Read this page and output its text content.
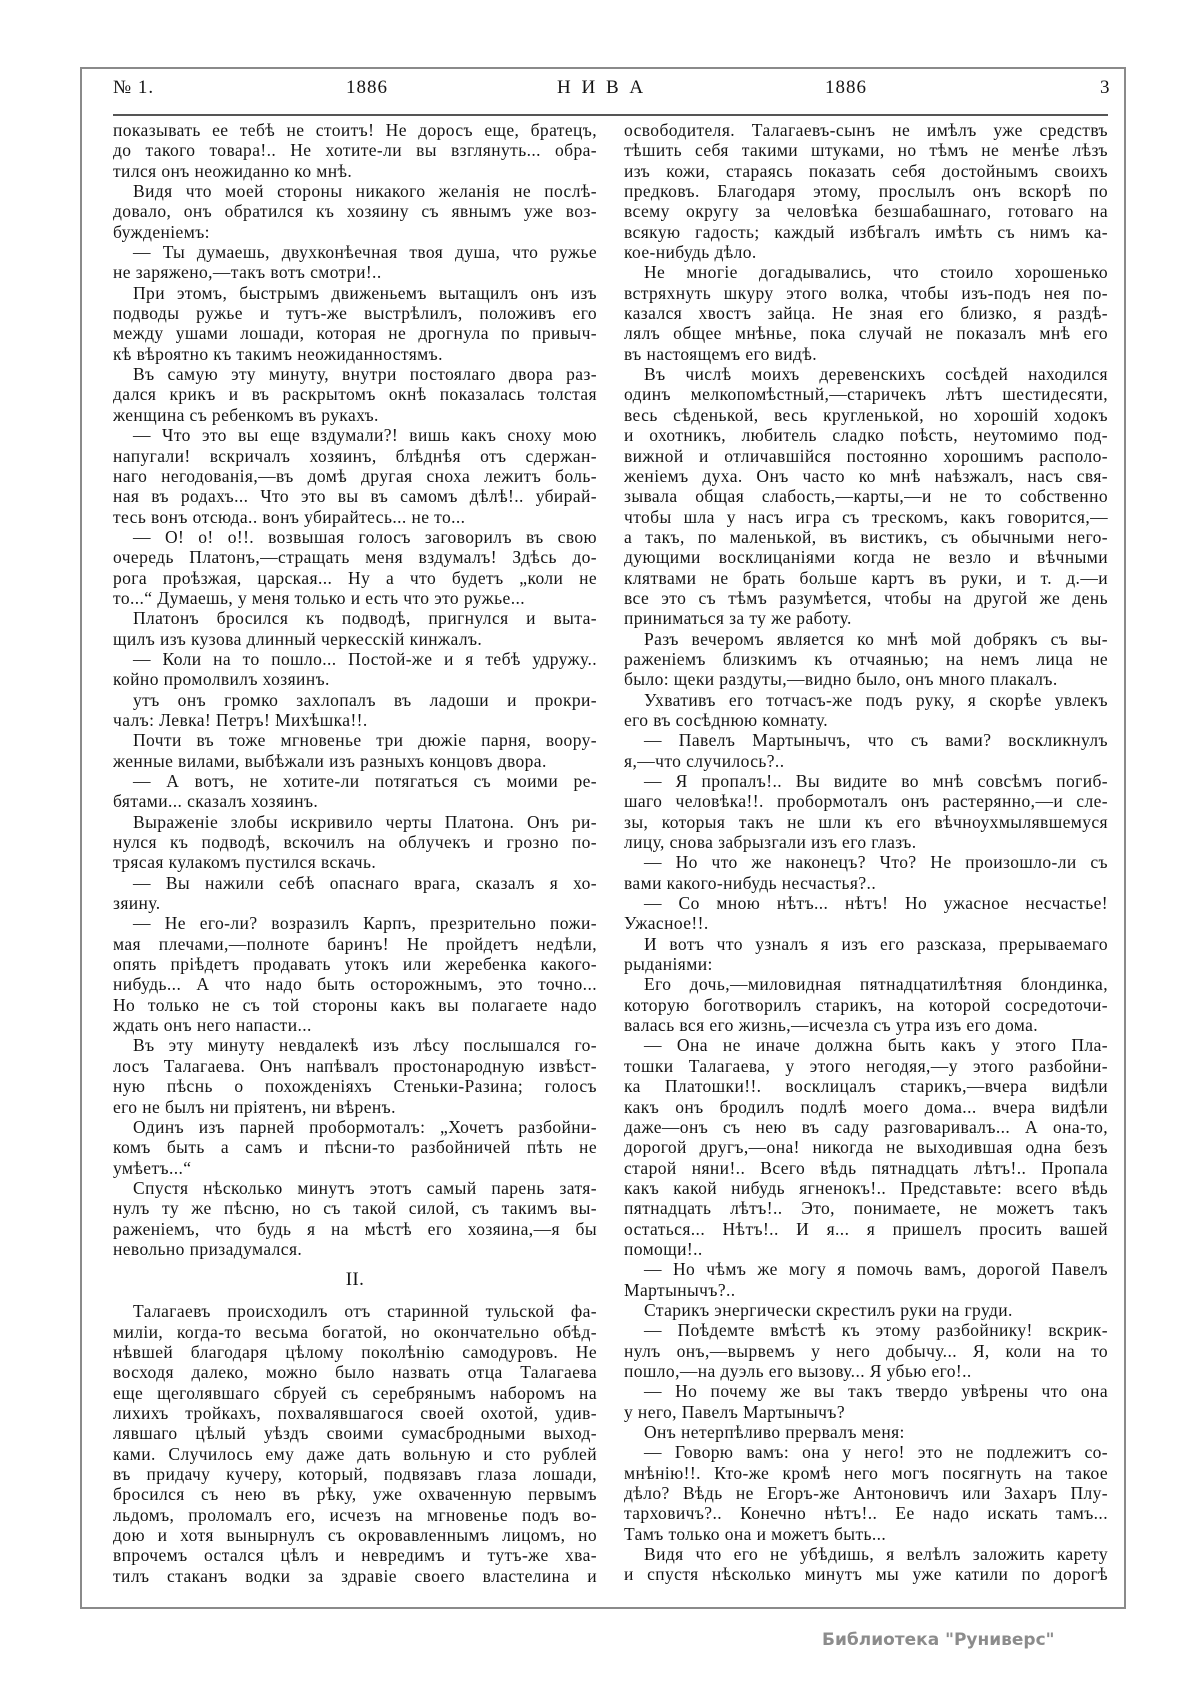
№ 1.	1886	Н И В А	1886	3
показывать ее тебѣ не стоитъ! Не доросъ еще, братецъ,
до такого товара!.. Не хотите-ли вы взглянуть... обра-
тился онъ неожиданно ко мнѣ.
Видя что моей стороны никакого желанія не послѣ-
довало, онъ обратился къ хозяину съ явнымъ уже воз-
бужденіемъ:
— Ты думаешь, двухконѣечная твоя душа, что ружье
не заряжено,—такъ вотъ смотри!..
При этомъ, быстрымъ движеньемъ вытащилъ онъ изъ
подводы ружье и тутъ-же выстрѣлилъ, положивъ его
между ушами лошади, которая не дрогнула по привыч-
кѣ вѣроятно къ такимъ неожиданностямъ.
Въ самую эту минуту, внутри постоялаго двора раз-
дался крикъ и въ раскрытомъ окнѣ показалась толстая
женщина съ ребенкомъ въ рукахъ.
— Что это вы еще вздумали?! вишь какъ сноху мою
напугали! вскричалъ хозяинъ, блѣднѣя отъ сдержан-
наго негодованія,—въ домѣ другая сноха лежитъ боль-
ная въ родахъ... Что это вы въ самомъ дѣлѣ!.. убирай-
тесь вонъ отсюда.. вонъ убирайтесь... не то...
— О! о! о!!. возвышая голосъ заговорилъ въ свою
очередь Платонъ,—стращать меня вздумалъ! Здѣсь до-
рога проѣзжая, царская... Ну а что будетъ „коли не
то...“ Думаешь, у меня только и есть что это ружье...
Платонъ бросился къ подводѣ, пригнулся и выта-
щилъ изъ кузова длинный черкесскій кинжалъ.
— Коли на то пошло... Постой-же и я тебѣ удружу..
койно промолвилъ хозяинъ.
утъ онъ громко захлопалъ въ ладоши и прокри-
чалъ: Левка! Петръ! Михѣшка!!.
Почти въ тоже мгновенье три дюжіе парня, воору-
женные вилами, выбѣжали изъ разныхъ концовъ двора.
— А вотъ, не хотите-ли потягаться съ моими ре-
бятами... сказалъ хозяинъ.
Выраженіе злобы искривило черты Платона. Онъ ри-
нулся къ подводѣ, вскочилъ на облучекъ и грозно по-
трясая кулакомъ пустился вскачь.
— Вы нажили себѣ опаснаго врага, сказалъ я хо-
зяину.
— Не его-ли? возразилъ Карпъ, презрительно пожи-
мая плечами,—полноте баринъ! Не пройдетъ недѣли,
опять пріѣдетъ продавать утокъ или жеребенка какого-
нибудь... А что надо быть осторожнымъ, это точно...
Но только не съ той стороны какъ вы полагаете надо
ждать онъ него напасти...
Въ эту минуту невдалекѣ изъ лѣсу послышался го-
лосъ Талагаева. Онъ напѣвалъ простонародную извѣст-
ную пѣснь о похожденіяхъ Стеньки-Разина; голосъ
его не былъ ни пріятенъ, ни вѣренъ.
Одинъ изъ парней пробормоталъ: „Хочетъ разбойни-
комъ быть а самъ и пѣсни-то разбойничей пѣть не
умѣетъ...“
Спустя нѣсколько минутъ этотъ самый парень затя-
нулъ ту же пѣсню, но съ такой силой, съ такимъ вы-
раженіемъ, что будь я на мѣстѣ его хозяина,—я бы
невольно призадумался.
II.
Талагаевъ происходилъ отъ старинной тульской фа-
миліи, когда-то весьма богатой, но окончательно обѣд-
нѣвшей благодаря цѣлому поколѣнію самодуровъ. Не
восходя далеко, можно было назвать отца Талагаева
еще щеголявшаго сбруей съ серебрянымъ наборомъ на
лихихъ тройкахъ, похвалявшагося своей охотой, удив-
лявшаго цѣлый уѣздъ своими сумасбродными выход-
ками. Случилось ему даже дать вольную и сто рублей
въ придачу кучеру, который, подвязавъ глаза лошади,
бросился съ нею въ рѣку, уже охваченную первымъ
льдомъ, проломалъ его, исчезъ на мгновенье подъ во-
дою и хотя вынырнулъ съ окровавленнымъ лицомъ, но
впрочемъ остался цѣлъ и невредимъ и тутъ-же хва-
тилъ стаканъ водки за здравіе своего властелина и
освободителя. Талагаевъ-сынъ не имѣлъ уже средствъ
тѣшить себя такими штуками, но тѣмъ не менѣе лѣзъ
изъ кожи, стараясь показать себя достойнымъ своихъ
предковъ. Благодаря этому, прослылъ онъ вскорѣ по
всему округу за человѣка безшабашнаго, готоваго на
всякую гадость; каждый избѣгалъ имѣть съ нимъ ка-
кое-нибудь дѣло.
Не многіе догадывались, что стоило хорошенько
встряхнуть шкуру этого волка, чтобы изъ-подъ нея по-
казался хвостъ зайца. Не зная его близко, я раздѣ-
лялъ общее мнѣнье, пока случай не показалъ мнѣ его
въ настоящемъ его видѣ.
Въ числѣ моихъ деревенскихъ сосѣдей находился
одинъ мелкопомѣстный,—старичекъ лѣтъ шестидесяти,
весь сѣденькой, весь кругленькой, но хорошій ходокъ
и охотникъ, любитель сладко поѣсть, неутомимо под-
вижной и отличавшійся постоянно хорошимъ располо-
женіемъ духа. Онъ часто ко мнѣ наѣзжалъ, насъ свя-
зывала общая слабость,—карты,—и не то собственно
чтобы шла у насъ игра съ трескомъ, какъ говорится,—
а такъ, по маленькой, въ вистикъ, съ обычными него-
дующими восклицаніями когда не везло и вѣчными
клятвами не брать больше картъ въ руки, и т. д.—и
все это съ тѣмъ разумѣется, чтобы на другой же день
приниматься за ту же работу.
Разъ вечеромъ является ко мнѣ мой добрякъ съ вы-
раженіемъ близкимъ къ отчаянью; на немъ лица не
было: щеки раздуты,—видно было, онъ много плакалъ.
Ухвативъ его тотчасъ-же подъ руку, я скорѣе увлекъ
его въ сосѣднюю комнату.
— Павелъ Мартынычъ, что съ вами? воскликнулъ
я,—что случилось?..
— Я пропалъ!.. Вы видите во мнѣ совсѣмъ погиб-
шаго человѣка!!. пробормоталъ онъ растерянно,—и сле-
зы, которыя такъ не шли къ его вѣчноухмылявшемуся
лицу, снова забрызгали изъ его глазъ.
— Но что же наконецъ? Что? Не произошло-ли съ
вами какого-нибудь несчастья?..
— Со мною нѣтъ... нѣтъ! Но ужасное несчастье!
Ужасное!!.
И вотъ что узналъ я изъ его разсказа, прерываемаго
рыданіями:
Его дочь,—миловидная пятнадцатилѣтняя блондинка,
которую боготворилъ старикъ, на которой сосредоточи-
валась вся его жизнь,—исчезла съ утра изъ его дома.
— Она не иначе должна быть какъ у этого Пла-
тошки Талагаева, у этого негодяя,—у этого разбойни-
ка Платошки!!. восклицалъ старикъ,—вчера видѣли
какъ онъ бродилъ подлѣ моего дома... вчера видѣли
даже—онъ съ нею въ саду разговаривалъ... А она-то,
дорогой другъ,—она! никогда не выходившая одна безъ
старой няни!.. Всего вѣдь пятнадцать лѣтъ!.. Пропала
какъ какой нибудь ягненокъ!.. Представьте: всего вѣдь
пятнадцать лѣтъ!.. Это, понимаете, не можетъ такъ
остаться... Нѣтъ!.. И я... я пришелъ просить вашей
помощи!..
— Но чѣмъ же могу я помочь вамъ, дорогой Павелъ
Мартынычъ?..
Старикъ энергически скрестилъ руки на груди.
— Поѣдемте вмѣстѣ къ этому разбойнику! вскрик-
нулъ онъ,—вырвемъ у него добычу... Я, коли на то
пошло,—на дуэль его вызову... Я убью его!..
— Но почему же вы такъ твердо увѣрены что она
у него, Павелъ Мартынычъ?
Онъ нетерпѣливо прервалъ меня:
— Говорю вамъ: она у него! это не подлежитъ со-
мнѣнію!!. Кто-же кромѣ него могъ посягнуть на такое
дѣло? Вѣдь не Егоръ-же Антоновичъ или Захаръ Плу-
тарховичъ?.. Конечно нѣтъ!.. Ее надо искать тамъ...
Тамъ только она и можетъ быть...
Видя что его не убѣдишь, я велѣлъ заложить карету
и спустя нѣсколько минутъ мы уже катили по дорогѣ
Библиотека "Руниверс"
